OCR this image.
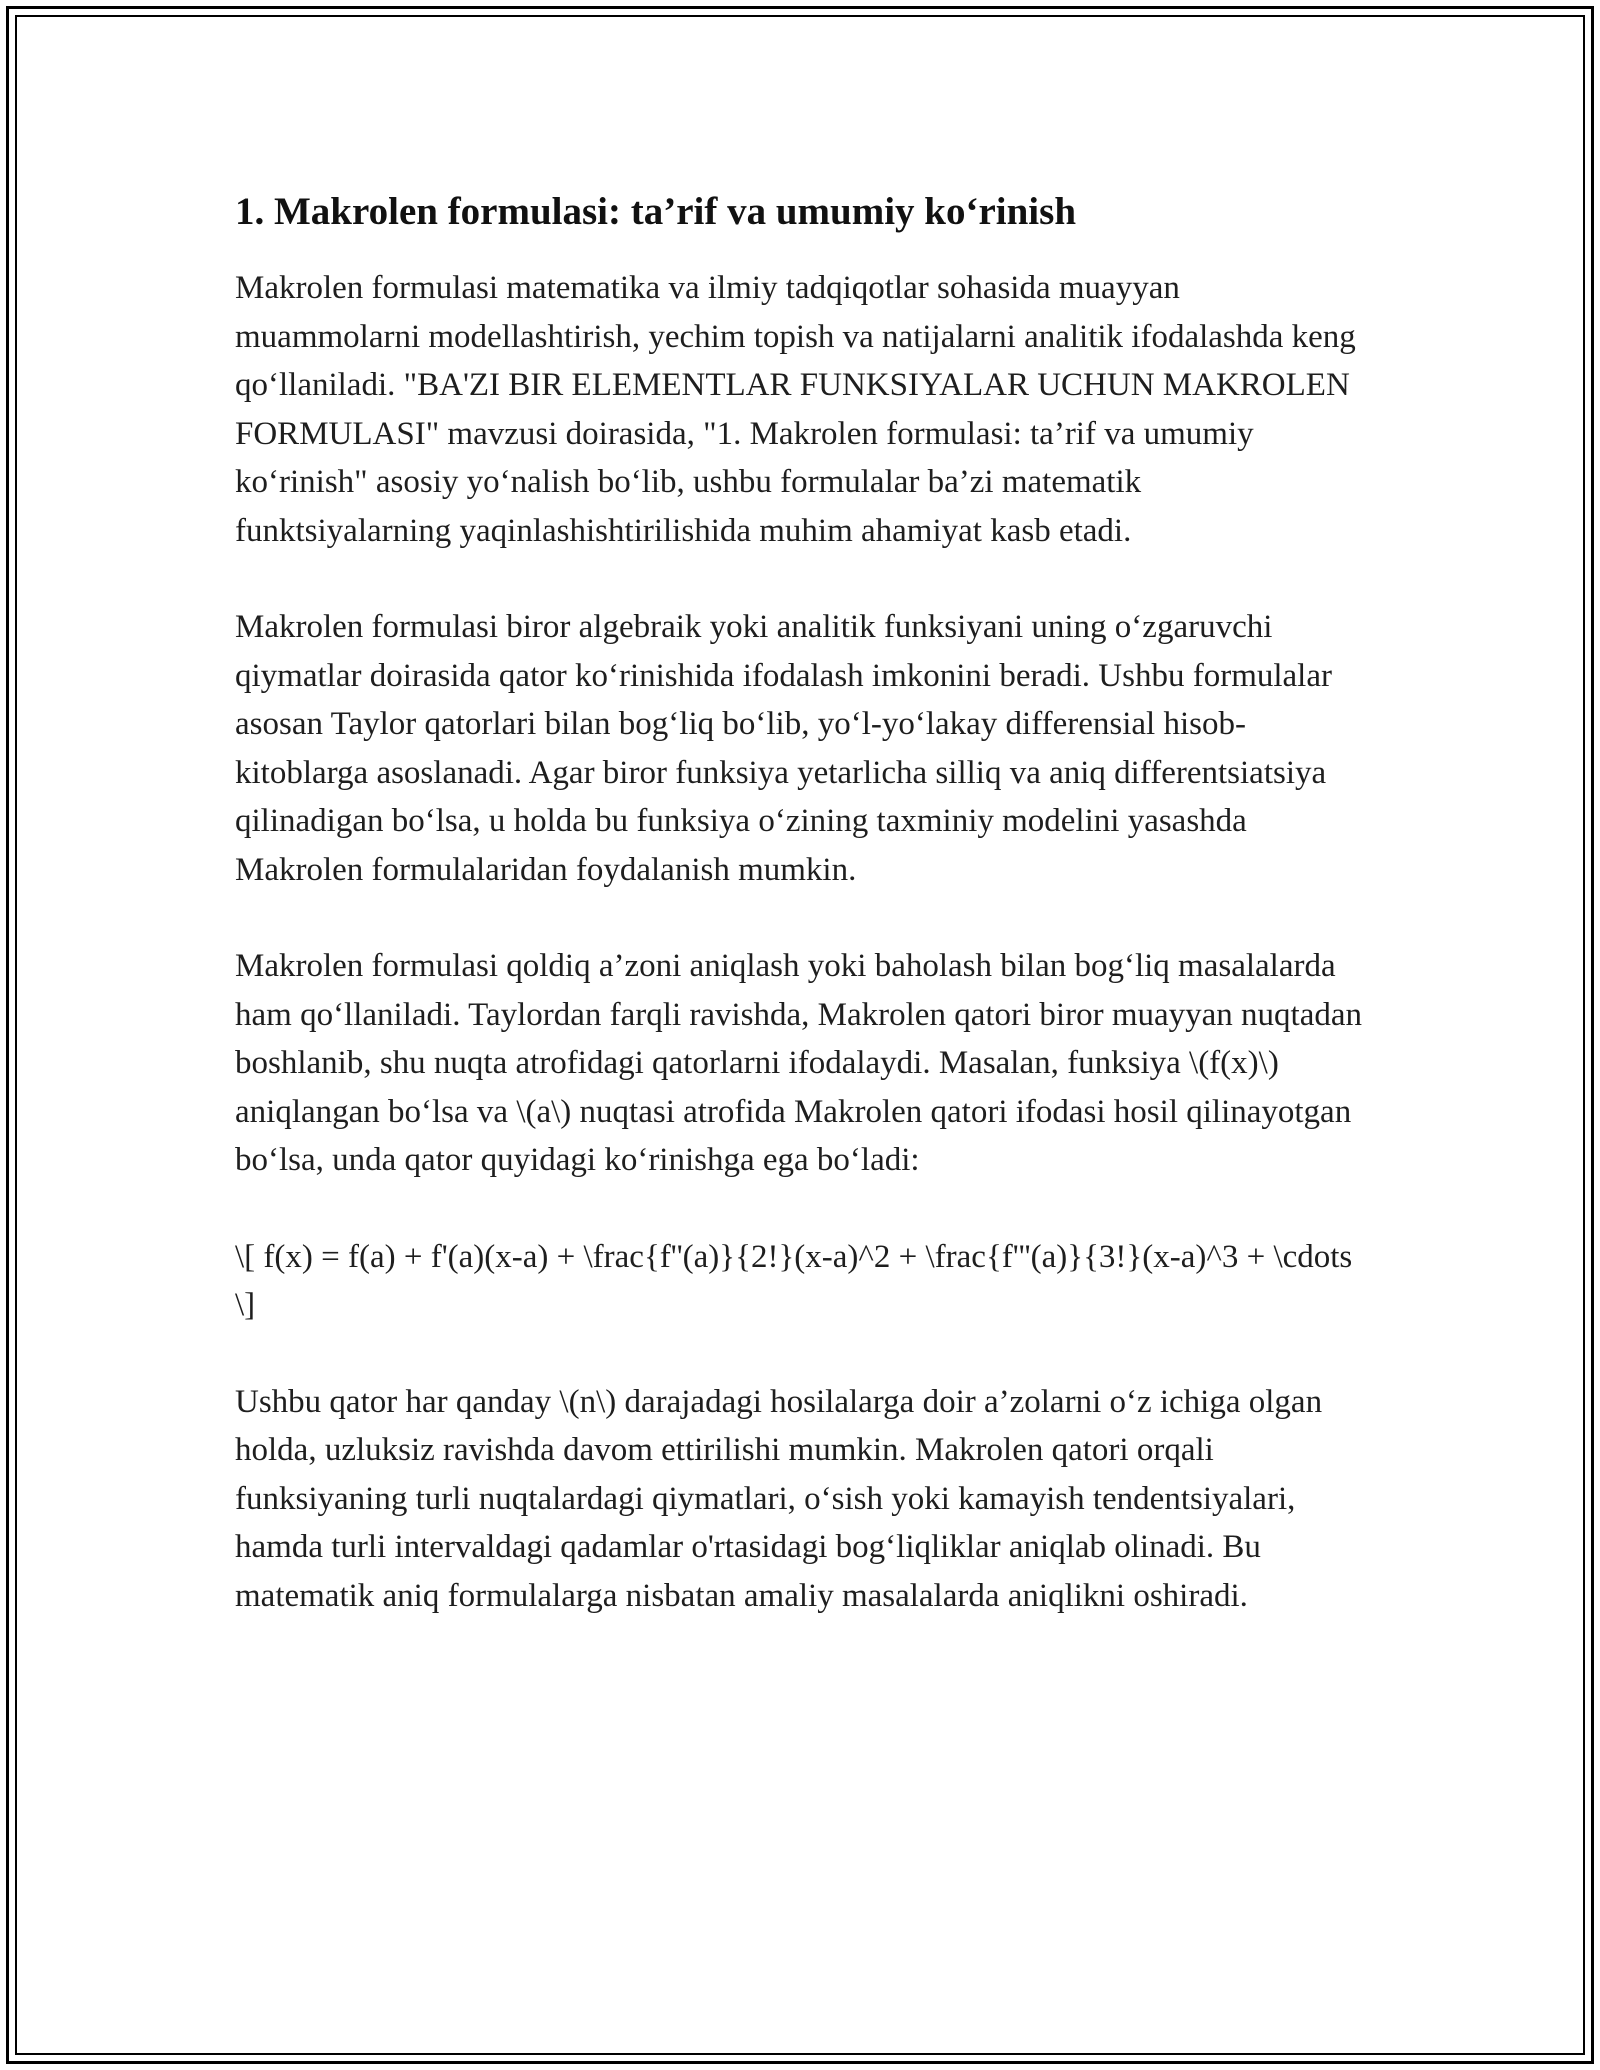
1. Makrolen formulasi: ta’rif va umumiy ko‘rinish

Makrolen formulasi matematika va ilmiy tadqiqotlar sohasida muayyan muammolarni modellashtirish, yechim topish va natijalarni analitik ifodalashda keng qo‘llaniladi. "BA'ZI BIR ELEMENTLAR FUNKSIYALAR UCHUN MAKROLEN FORMULASI" mavzusi doirasida, "1. Makrolen formulasi: ta’rif va umumiy ko‘rinish" asosiy yo‘nalish bo‘lib, ushbu formulalar ba’zi matematik funktsiyalarning yaqinlashishtirilishida muhim ahamiyat kasb etadi.

Makrolen formulasi biror algebraik yoki analitik funksiyani uning o‘zgaruvchi qiymatlar doirasida qator ko‘rinishida ifodalash imkonini beradi. Ushbu formulalar asosan Taylor qatorlari bilan bog‘liq bo‘lib, yo‘l-yo‘lakay differensial hisob-kitoblarga asoslanadi. Agar biror funksiya yetarlicha silliq va aniq differentsiatsiya qilinadigan bo‘lsa, u holda bu funksiya o‘zining taxminiy modelini yasashda Makrolen formulalaridan foydalanish mumkin.

Makrolen formulasi qoldiq a’zoni aniqlash yoki baholash bilan bog‘liq masalalarda ham qo‘llaniladi. Taylordan farqli ravishda, Makrolen qatori biror muayyan nuqtadan boshlanib, shu nuqta atrofidagi qatorlarni ifodalaydi. Masalan, funksiya \(f(x)\) aniqlangan bo‘lsa va \(a\) nuqtasi atrofida Makrolen qatori ifodasi hosil qilinayotgan bo‘lsa, unda qator quyidagi ko‘rinishga ega bo‘ladi:

\[ f(x) = f(a) + f'(a)(x-a) + \frac{f''(a)}{2!}(x-a)^2 + \frac{f'''(a)}{3!}(x-a)^3 + \cdots \]

Ushbu qator har qanday \(n\) darajadagi hosilalarga doir a’zolarni o‘z ichiga olgan holda, uzluksiz ravishda davom ettirilishi mumkin. Makrolen qatori orqali funksiyaning turli nuqtalardagi qiymatlari, o‘sish yoki kamayish tendentsiyalari, hamda turli intervaldagi qadamlar o'rtasidagi bog‘liqliklar aniqlab olinadi. Bu matematik aniq formulalarga nisbatan amaliy masalalarda aniqlikni oshiradi.
